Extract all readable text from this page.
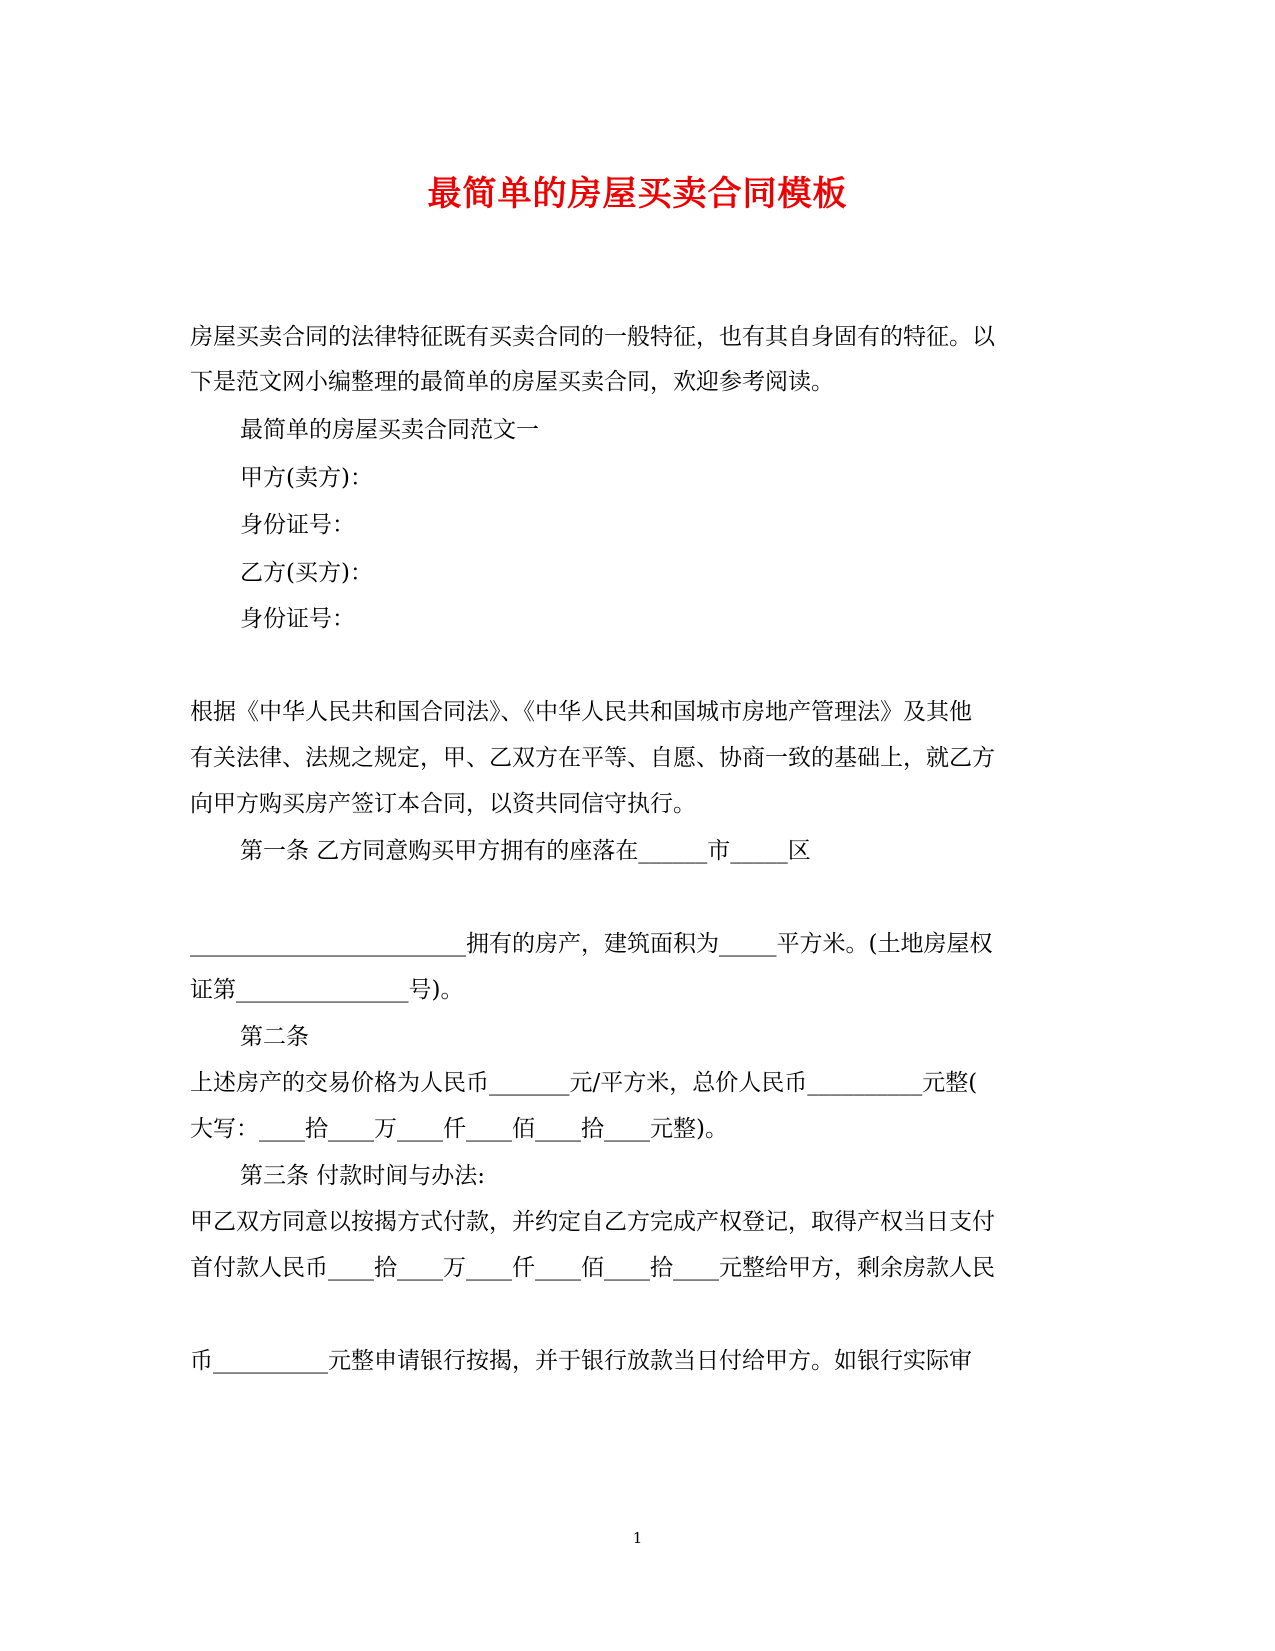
最简单的房屋买卖合同模板
房屋买卖合同的法律特征既有买卖合同的一般特征，也有其自身固有的特征。以
下是范文网小编整理的最简单的房屋买卖合同，欢迎参考阅读。
最简单的房屋买卖合同范文一
甲方(卖方)：
身份证号：
乙方(买方)：
身份证号：
根据《中华人民共和国合同法》、《中华人民共和国城市房地产管理法》及其他
有关法律、法规之规定，甲、乙双方在平等、自愿、协商一致的基础上，就乙方
向甲方购买房产签订本合同，以资共同信守执行。
第一条 乙方同意购买甲方拥有的座落在______市_____区
________________________拥有的房产，建筑面积为_____平方米。(土地房屋权
证第_______________号)。
第二条
上述房产的交易价格为人民币_______元/平方米，总价人民币__________元整(
大写：____拾____万____仟____佰____拾____元整)。
第三条 付款时间与办法:
甲乙双方同意以按揭方式付款，并约定自乙方完成产权登记，取得产权当日支付
首付款人民币____拾____万____仟____佰____拾____元整给甲方，剩余房款人民
币__________元整申请银行按揭，并于银行放款当日付给甲方。如银行实际审
1
